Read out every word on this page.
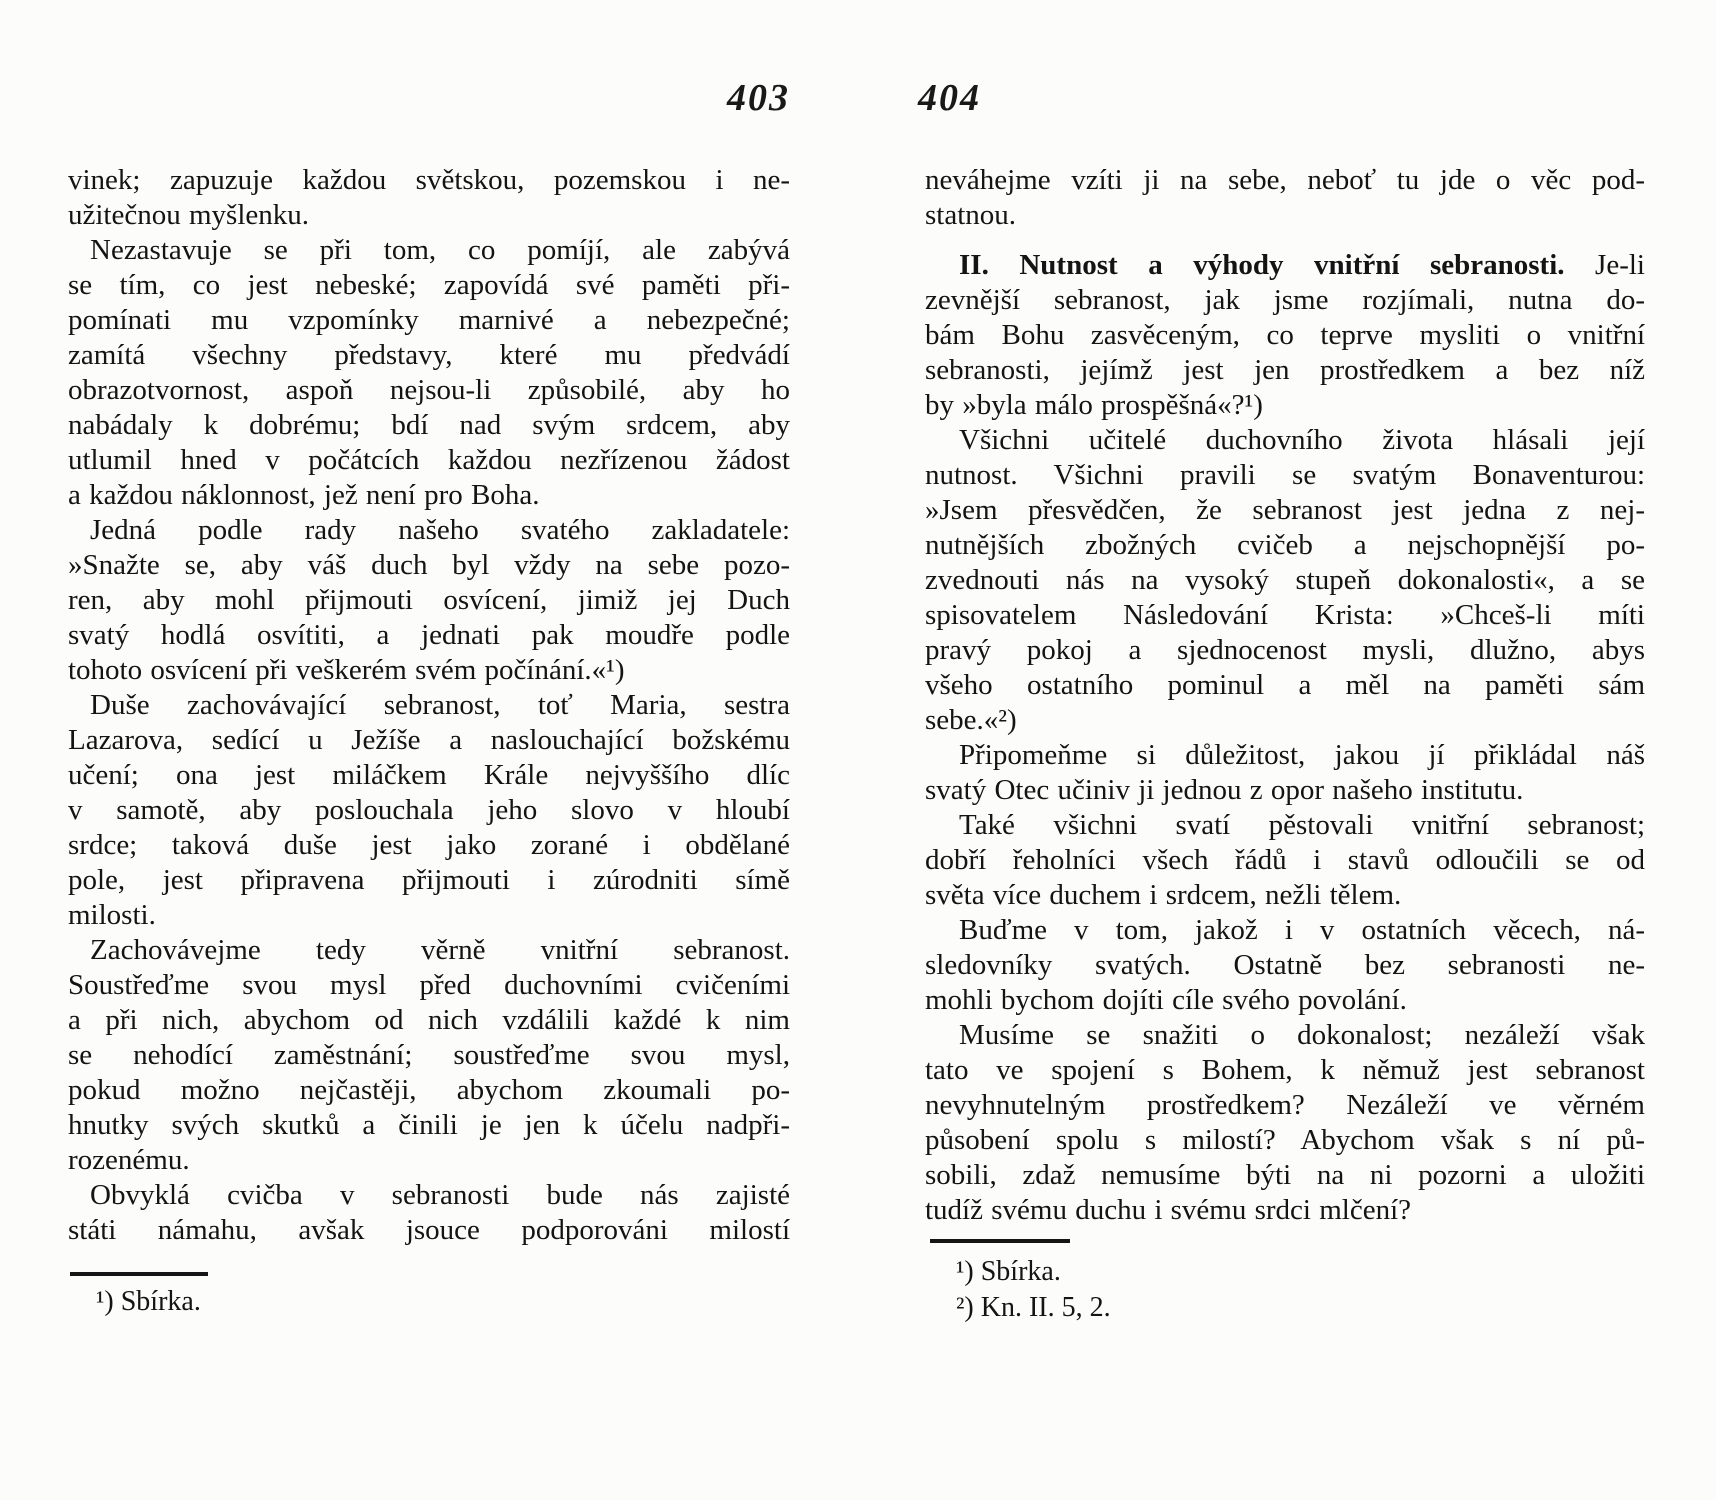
403	404
vinek; zapuzuje každou světskou, pozemskou i ne-
užitečnou myšlenku.
Nezastavuje se při tom, co pomíjí, ale zabývá
se tím, co jest nebeské; zapovídá své paměti při-
pomínati mu vzpomínky marnivé a nebezpečné;
zamítá všechny představy, které mu předvádí
obrazotvornost, aspoň nejsou-li způsobilé, aby ho
nabádaly k dobrému; bdí nad svým srdcem, aby
utlumil hned v počátcích každou nezřízenou žádost
a každou náklonnost, jež není pro Boha.
Jedná podle rady našeho svatého zakladatele:
»Snažte se, aby váš duch byl vždy na sebe pozo-
ren, aby mohl přijmouti osvícení, jimiž jej Duch
svatý hodlá osvítiti, a jednati pak moudře podle
tohoto osvícení při veškerém svém počínání.«¹)
Duše zachovávající sebranost, toť Maria, sestra
Lazarova, sedící u Ježíše a naslouchající božskému
učení; ona jest miláčkem Krále nejvyššího dlíc
v samotě, aby poslouchala jeho slovo v hloubí
srdce; taková duše jest jako zorané i obdělané
pole, jest připravena přijmouti i zúrodniti símě
milosti.
Zachovávejme tedy věrně vnitřní sebranost.
Soustřeďme svou mysl před duchovními cvičeními
a při nich, abychom od nich vzdálili každé k nim
se nehodící zaměstnání; soustřeďme svou mysl,
pokud možno nejčastěji, abychom zkoumali po-
hnutky svých skutků a činili je jen k účelu nadpři-
rozenému.
Obvyklá cvičba v sebranosti bude nás zajisté
státi námahu, avšak jsouce podporováni milostí
neváhejme vzíti ji na sebe, neboť tu jde o věc pod-
statnou.
II. Nutnost a výhody vnitřní sebranosti. Je-li
zevnější sebranost, jak jsme rozjímali, nutna do-
bám Bohu zasvěceným, co teprve mysliti o vnitřní
sebranosti, jejímž jest jen prostředkem a bez níž
by »byla málo prospěšná«?¹)
Všichni učitelé duchovního života hlásali její
nutnost. Všichni pravili se svatým Bonaventurou:
»Jsem přesvědčen, že sebranost jest jedna z nej-
nutnějších zbožných cvičeb a nejschopnější po-
zvednouti nás na vysoký stupeň dokonalosti«, a se
spisovatelem Následování Krista: »Chceš-li míti
pravý pokoj a sjednocenost mysli, dlužno, abys
všeho ostatního pominul a měl na paměti sám
sebe.«²)
Připomeňme si důležitost, jakou jí přikládal náš
svatý Otec učiniv ji jednou z opor našeho institutu.
Také všichni svatí pěstovali vnitřní sebranost;
dobří řeholníci všech řádů i stavů odloučili se od
světa více duchem i srdcem, nežli tělem.
Buďme v tom, jakož i v ostatních věcech, ná-
sledovníky svatých. Ostatně bez sebranosti ne-
mohli bychom dojíti cíle svého povolání.
Musíme se snažiti o dokonalost; nezáleží však
tato ve spojení s Bohem, k němuž jest sebranost
nevyhnutelným prostředkem? Nezáleží ve věrném
působení spolu s milostí? Abychom však s ní pů-
sobili, zdaž nemusíme býti na ni pozorni a uložiti
tudíž svému duchu i svému srdci mlčení?
¹) Sbírka.
¹) Sbírka.
²) Kn. II. 5, 2.
